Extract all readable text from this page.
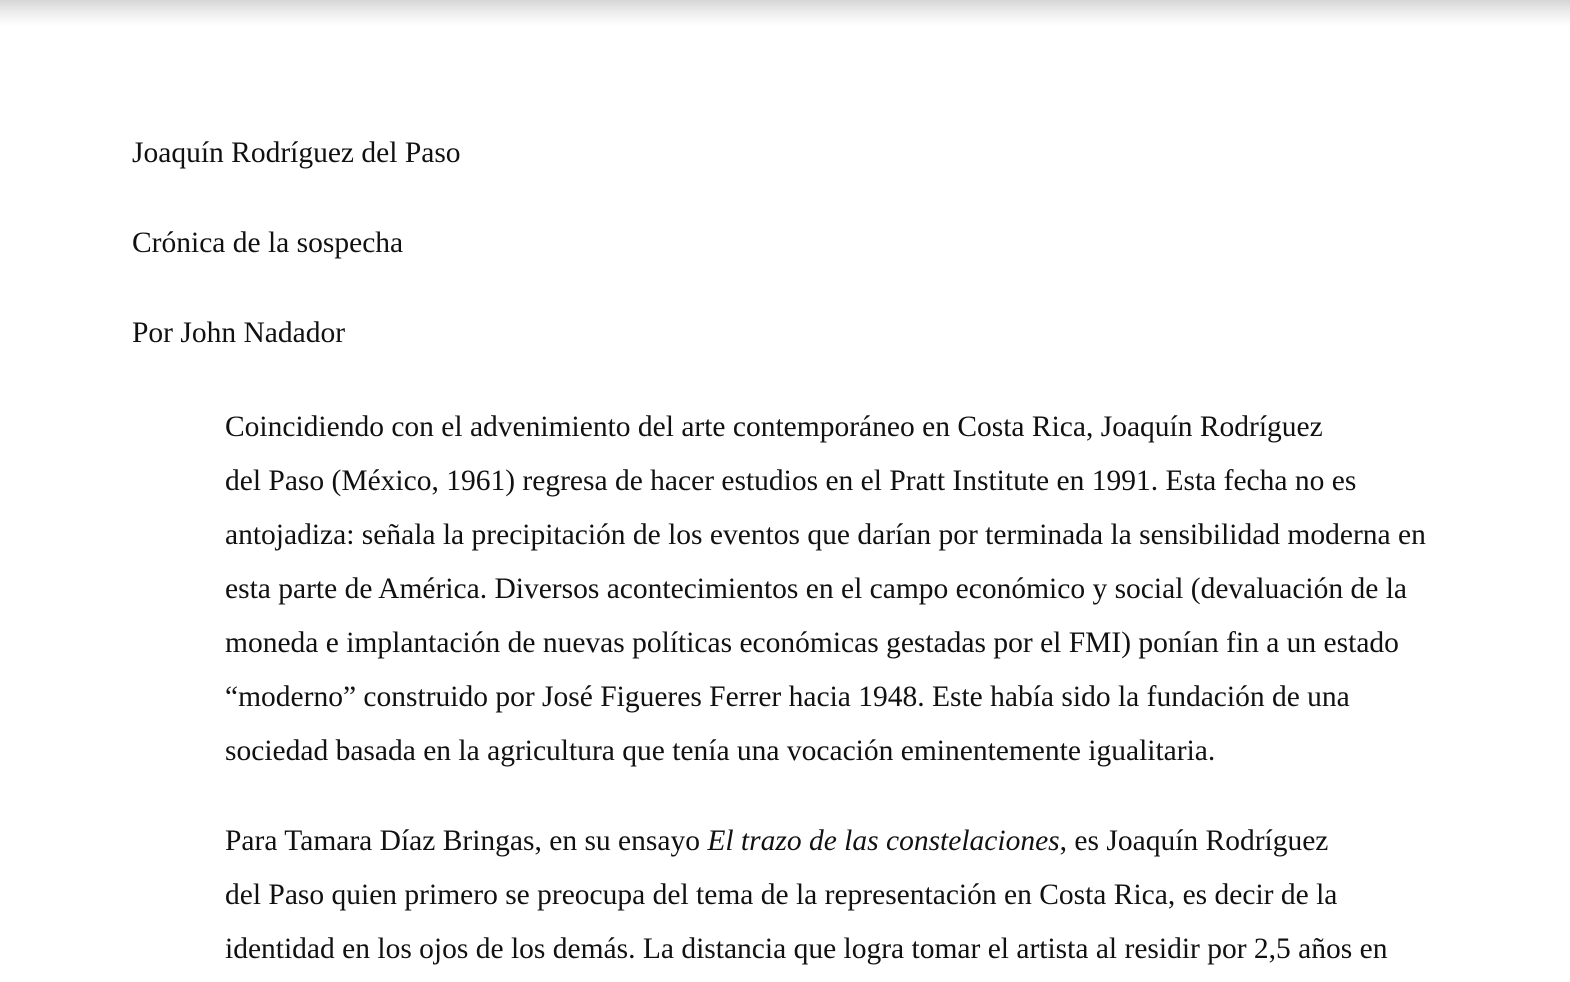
Joaquín Rodríguez del Paso

Crónica de la sospecha

Por John Nadador

Coincidiendo con el advenimiento del arte contemporáneo en Costa Rica, Joaquín Rodríguez
del Paso (México, 1961) regresa de hacer estudios en el Pratt Institute en 1991. Esta fecha no es
antojadiza: señala la precipitación de los eventos que darían por terminada la sensibilidad moderna en
esta parte de América. Diversos acontecimientos en el campo económico y social (devaluación de la
moneda e implantación de nuevas políticas económicas gestadas por el FMI) ponían fin a un estado
“moderno” construido por José Figueres Ferrer hacia 1948. Este había sido la fundación de una
sociedad basada en la agricultura que tenía una vocación eminentemente igualitaria.

Para Tamara Díaz Bringas, en su ensayo El trazo de las constelaciones, es Joaquín Rodríguez
del Paso quien primero se preocupa del tema de la representación en Costa Rica, es decir de la
identidad en los ojos de los demás. La distancia que logra tomar el artista al residir por 2,5 años en
